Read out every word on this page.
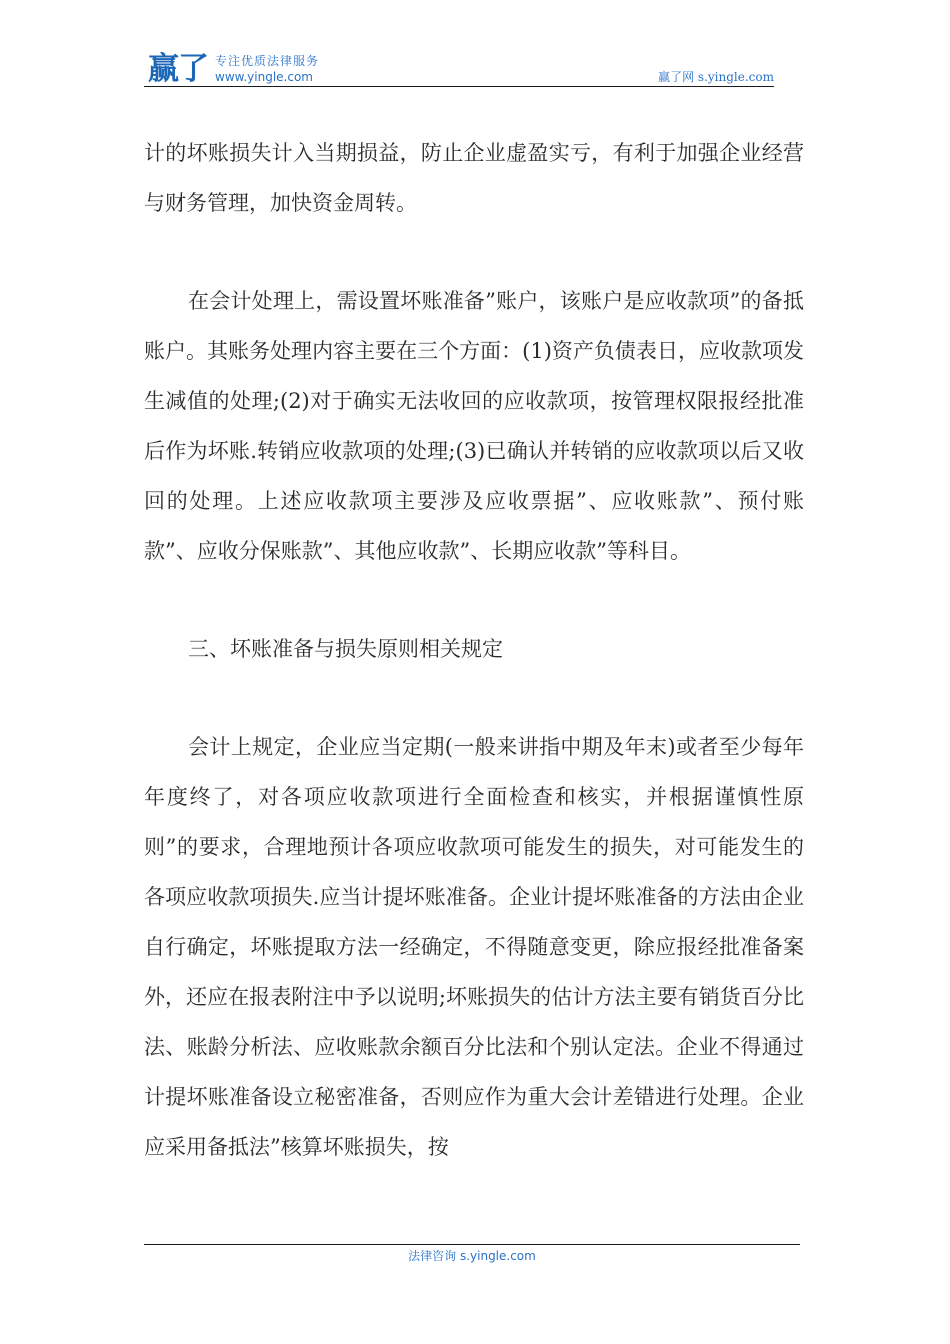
赢了 专注优质法律服务
www.yingle.com	赢了网 s.yingle.com

计的坏账损失计入当期损益，防止企业虚盈实亏，有利于加强企业经营与财务管理，加快资金周转。

在会计处理上，需设置坏账准备”账户，该账户是应收款项”的备抵账户。其账务处理内容主要在三个方面：(1)资产负债表日，应收款项发生减值的处理;(2)对于确实无法收回的应收款项，按管理权限报经批准后作为坏账.转销应收款项的处理;(3)已确认并转销的应收款项以后又收回的处理。上述应收款项主要涉及应收票据”、应收账款”、预付账款”、应收分保账款”、其他应收款”、长期应收款”等科目。

三、坏账准备与损失原则相关规定

会计上规定，企业应当定期(一般来讲指中期及年末)或者至少每年年度终了，对各项应收款项进行全面检查和核实，并根据谨慎性原则”的要求，合理地预计各项应收款项可能发生的损失，对可能发生的各项应收款项损失.应当计提坏账准备。企业计提坏账准备的方法由企业自行确定，坏账提取方法一经确定，不得随意变更，除应报经批准备案外，还应在报表附注中予以说明;坏账损失的估计方法主要有销货百分比法、账龄分析法、应收账款余额百分比法和个别认定法。企业不得通过计提坏账准备设立秘密准备，否则应作为重大会计差错进行处理。企业应采用备抵法”核算坏账损失，按

法律咨询 s.yingle.com
